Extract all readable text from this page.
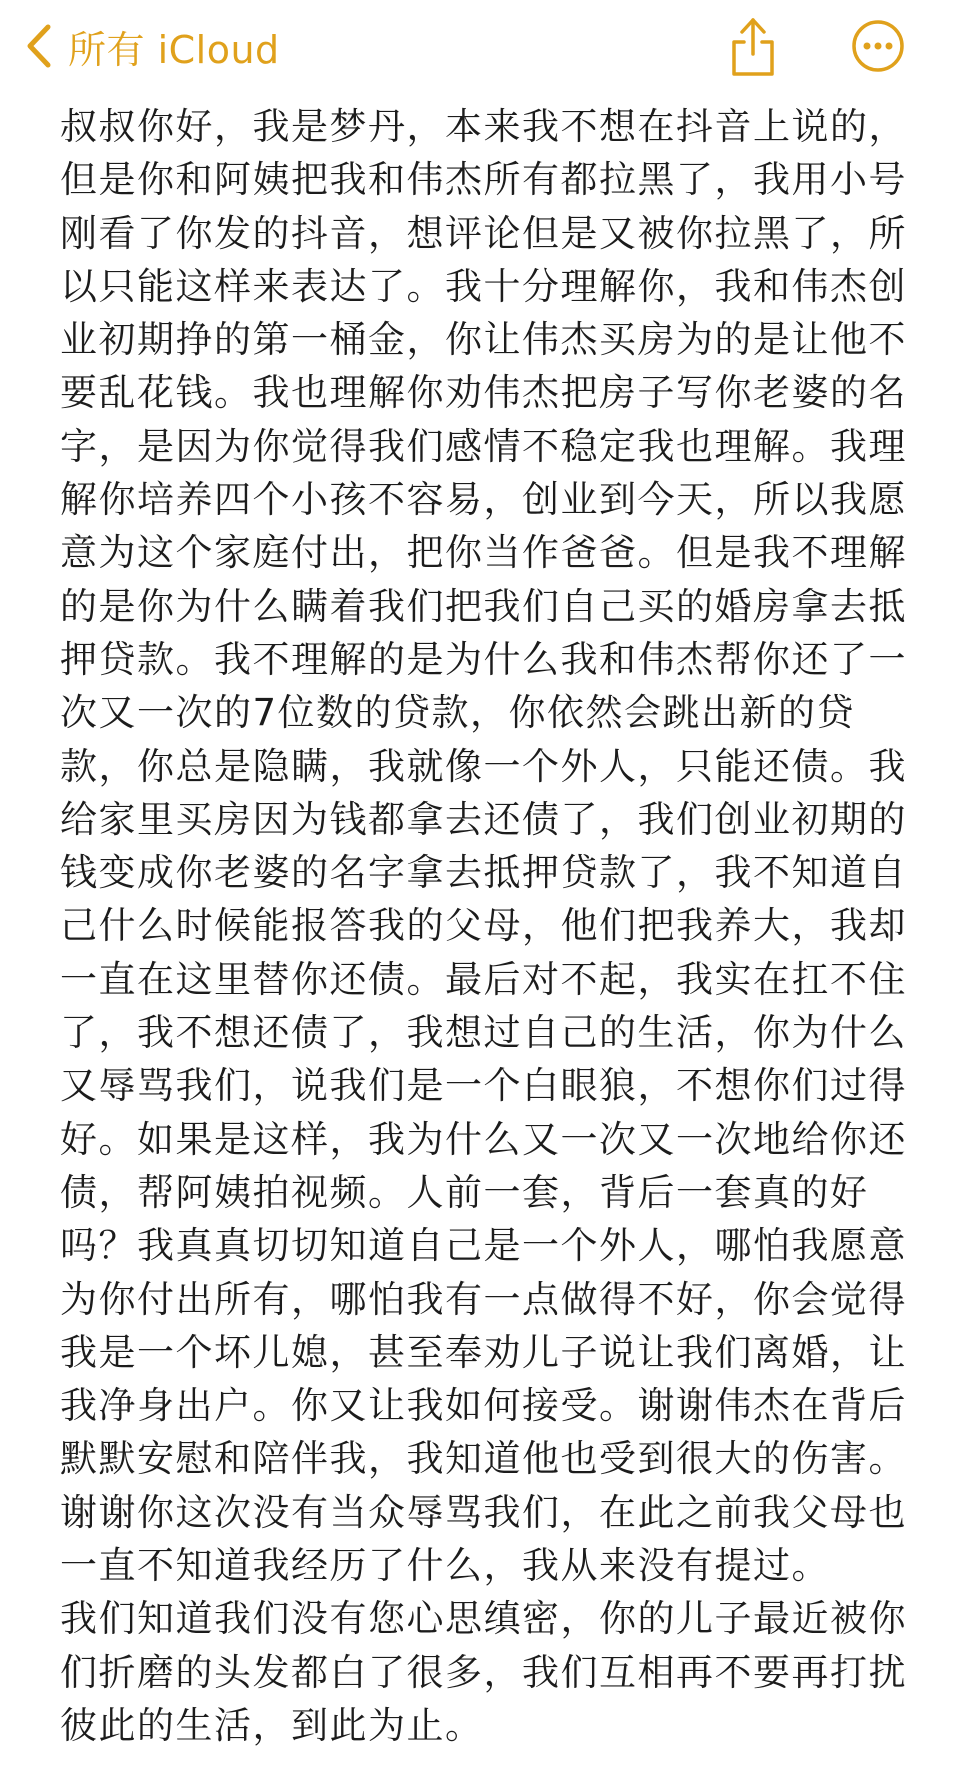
所有 iCloud
叔叔你好，我是梦丹，本来我不想在抖音上说的，
但是你和阿姨把我和伟杰所有都拉黑了，我用小号
刚看了你发的抖音，想评论但是又被你拉黑了，所
以只能这样来表达了。我十分理解你，我和伟杰创
业初期挣的第一桶金，你让伟杰买房为的是让他不
要乱花钱。我也理解你劝伟杰把房子写你老婆的名
字，是因为你觉得我们感情不稳定我也理解。我理
解你培养四个小孩不容易，创业到今天，所以我愿
意为这个家庭付出，把你当作爸爸。但是我不理解
的是你为什么瞒着我们把我们自己买的婚房拿去抵
押贷款。我不理解的是为什么我和伟杰帮你还了一
次又一次的7位数的贷款，你依然会跳出新的贷
款，你总是隐瞒，我就像一个外人，只能还债。我
给家里买房因为钱都拿去还债了，我们创业初期的
钱变成你老婆的名字拿去抵押贷款了，我不知道自
己什么时候能报答我的父母，他们把我养大，我却
一直在这里替你还债。最后对不起，我实在扛不住
了，我不想还债了，我想过自己的生活，你为什么
又辱骂我们，说我们是一个白眼狼，不想你们过得
好。如果是这样，我为什么又一次又一次地给你还
债，帮阿姨拍视频。人前一套，背后一套真的好
吗？我真真切切知道自己是一个外人，哪怕我愿意
为你付出所有，哪怕我有一点做得不好，你会觉得
我是一个坏儿媳，甚至奉劝儿子说让我们离婚，让
我净身出户。你又让我如何接受。谢谢伟杰在背后
默默安慰和陪伴我，我知道他也受到很大的伤害。
谢谢你这次没有当众辱骂我们，在此之前我父母也
一直不知道我经历了什么，我从来没有提过。
我们知道我们没有您心思缜密，你的儿子最近被你
们折磨的头发都白了很多，我们互相再不要再打扰
彼此的生活，到此为止。
